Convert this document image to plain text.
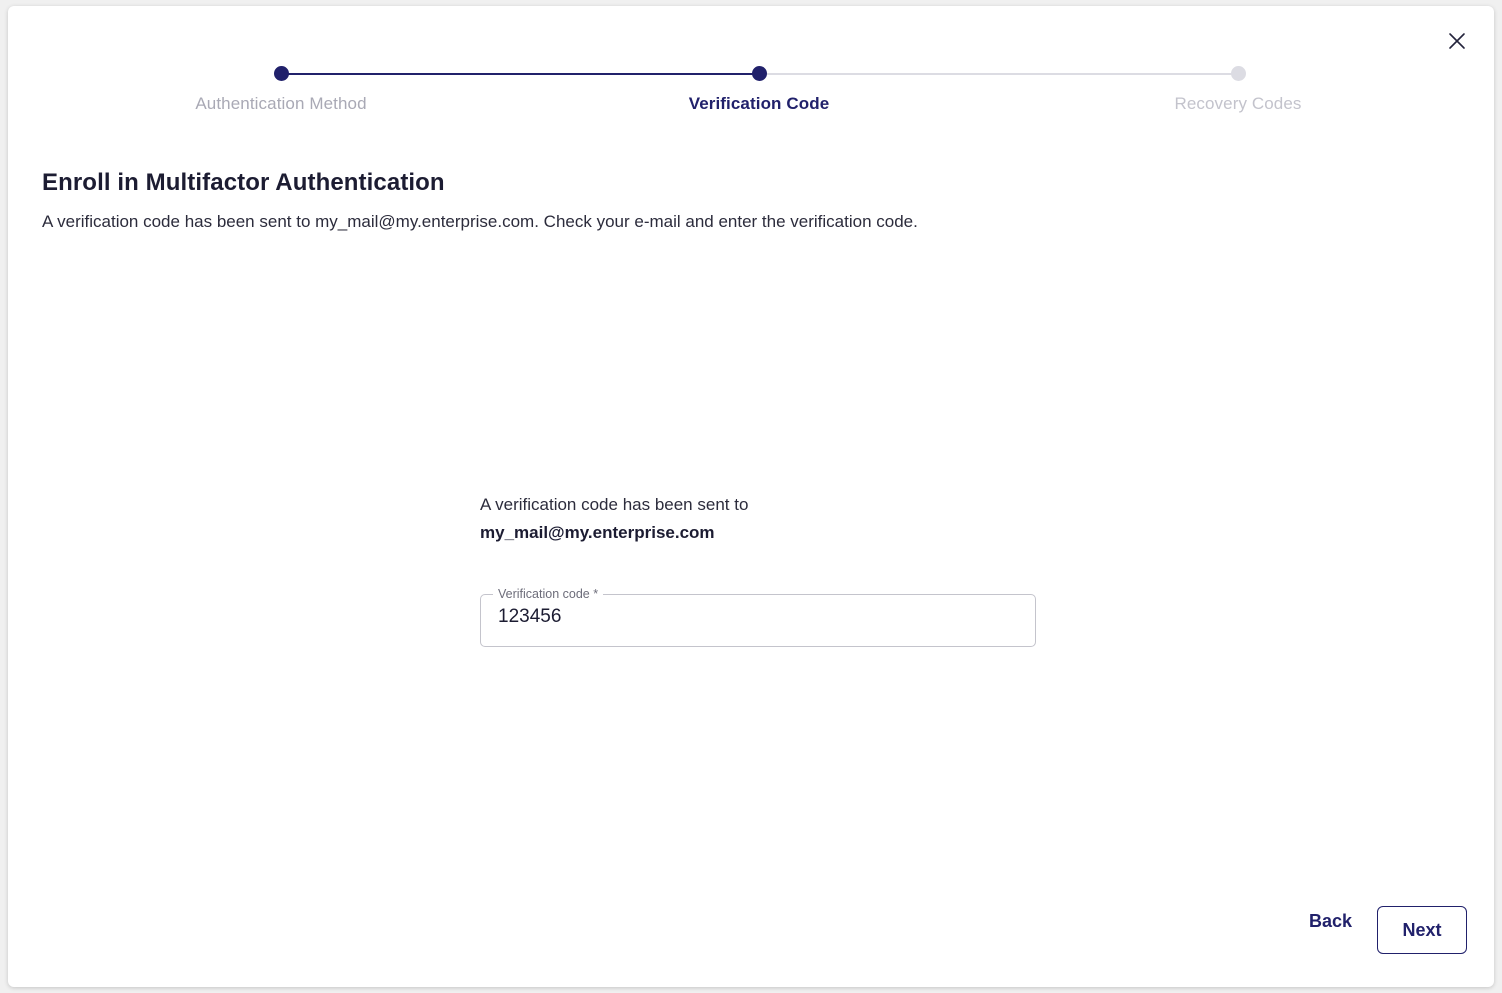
Authentication Method	Verification Code	Recovery Codes
Enroll in Multifactor Authentication

A verification code has been sent to my_mail@my.enterprise.com. Check your e-mail and enter the verification code.

A verification code has been sent to
my_mail@my.enterprise.com
Verification code *
123456
Back	Next
